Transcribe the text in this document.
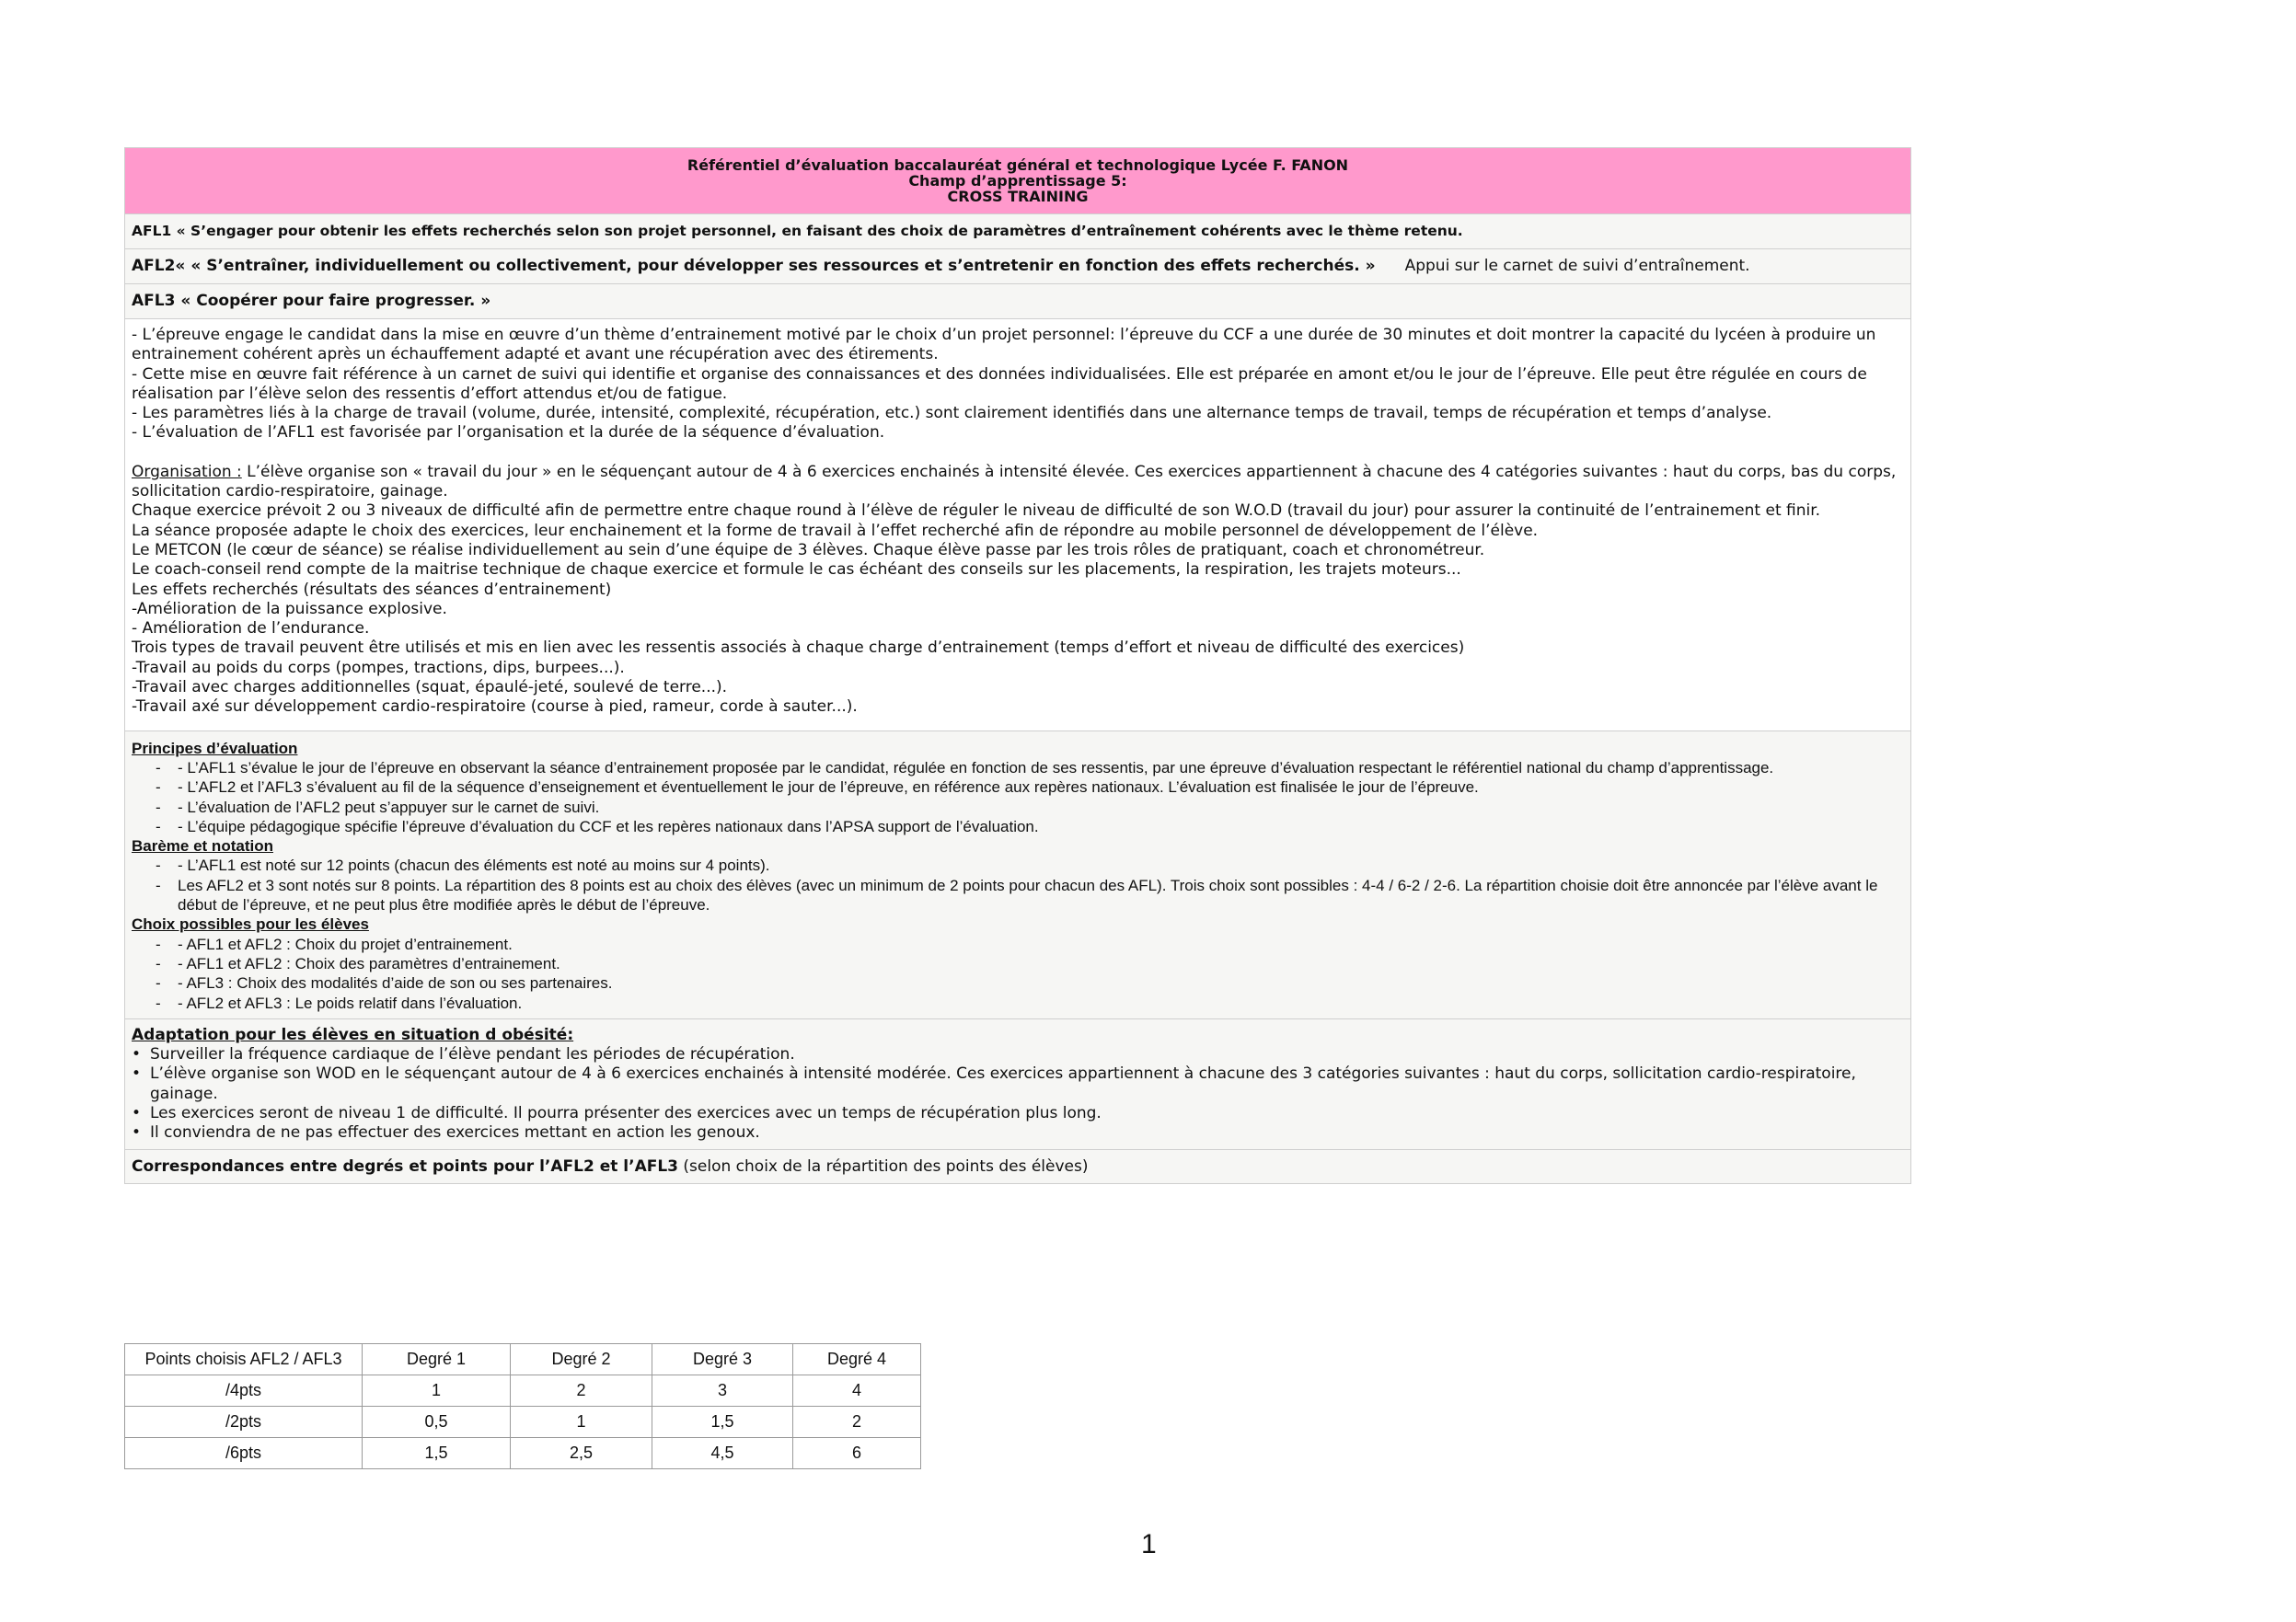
Référentiel d’évaluation baccalauréat général et technologique Lycée F. FANON
Champ d’apprentissage 5:
CROSS TRAINING

AFL1 « S’engager pour obtenir les effets recherchés selon son projet personnel, en faisant des choix de paramètres d’entraînement cohérents avec le thème retenu.
AFL2« « S’entraîner, individuellement ou collectivement, pour développer ses ressources et s’entretenir en fonction des effets recherchés. » Appui sur le carnet de suivi d’entraînement.
AFL3 « Coopérer pour faire progresser. »

- L’épreuve engage le candidat dans la mise en œuvre d’un thème d’entrainement motivé par le choix d’un projet personnel: l’épreuve du CCF a une durée de 30 minutes et doit montrer la capacité du lycéen à produire un entrainement cohérent après un échauffement adapté et avant une récupération avec des étirements.

- Cette mise en œuvre fait référence à un carnet de suivi qui identifie et organise des connaissances et des données individualisées. Elle est préparée en amont et/ou le jour de l’épreuve. Elle peut être régulée en cours de réalisation par l’élève selon des ressentis d’effort attendus et/ou de fatigue.

- Les paramètres liés à la charge de travail (volume, durée, intensité, complexité, récupération, etc.) sont clairement identifiés dans une alternance temps de travail, temps de récupération et temps d’analyse.

- L’évaluation de l’AFL1 est favorisée par l’organisation et la durée de la séquence d’évaluation.

Organisation : L’élève organise son « travail du jour » en le séquençant autour de 4 à 6 exercices enchainés à intensité élevée. Ces exercices appartiennent à chacune des 4 catégories suivantes : haut du corps, bas du corps, sollicitation cardio-respiratoire, gainage.

Chaque exercice prévoit 2 ou 3 niveaux de difficulté afin de permettre entre chaque round à l’élève de réguler le niveau de difficulté de son W.O.D (travail du jour) pour assurer la continuité de l’entrainement et finir.

La séance proposée adapte le choix des exercices, leur enchainement et la forme de travail à l’effet recherché afin de répondre au mobile personnel de développement de l’élève.

Le METCON (le cœur de séance) se réalise individuellement au sein d’une équipe de 3 élèves. Chaque élève passe par les trois rôles de pratiquant, coach et chronométreur.

Le coach-conseil rend compte de la maitrise technique de chaque exercice et formule le cas échéant des conseils sur les placements, la respiration, les trajets moteurs...

Les effets recherchés (résultats des séances d’entrainement)

-Amélioration de la puissance explosive.

- Amélioration de l’endurance.

Trois types de travail peuvent être utilisés et mis en lien avec les ressentis associés à chaque charge d’entrainement (temps d’effort et niveau de difficulté des exercices)

-Travail au poids du corps (pompes, tractions, dips, burpees...).

-Travail avec charges additionnelles (squat, épaulé-jeté, soulevé de terre...).

-Travail axé sur développement cardio-respiratoire (course à pied, rameur, corde à sauter...).

Principes d’évaluation
- - L’AFL1 s’évalue le jour de l’épreuve en observant la séance d’entrainement proposée par le candidat, régulée en fonction de ses ressentis, par une épreuve d’évaluation respectant le référentiel national du champ d’apprentissage.
- - L’AFL2 et l’AFL3 s’évaluent au fil de la séquence d’enseignement et éventuellement le jour de l’épreuve, en référence aux repères nationaux. L’évaluation est finalisée le jour de l’épreuve.
- - L’évaluation de l’AFL2 peut s’appuyer sur le carnet de suivi.
- - L’équipe pédagogique spécifie l’épreuve d’évaluation du CCF et les repères nationaux dans l’APSA support de l’évaluation.
Barème et notation
- - L’AFL1 est noté sur 12 points (chacun des éléments est noté au moins sur 4 points).
- Les AFL2 et 3 sont notés sur 8 points. La répartition des 8 points est au choix des élèves (avec un minimum de 2 points pour chacun des AFL). Trois choix sont possibles : 4-4 / 6-2 / 2-6. La répartition choisie doit être annoncée par l’élève avant le début de l’épreuve, et ne peut plus être modifiée après le début de l’épreuve.
Choix possibles pour les élèves
- - AFL1 et AFL2 : Choix du projet d’entrainement.
- - AFL1 et AFL2 : Choix des paramètres d’entrainement.
- - AFL3 : Choix des modalités d’aide de son ou ses partenaires.
- - AFL2 et AFL3 : Le poids relatif dans l’évaluation.

Adaptation pour les élèves en situation d obésité:
• Surveiller la fréquence cardiaque de l’élève pendant les périodes de récupération.
• L’élève organise son WOD en le séquençant autour de 4 à 6 exercices enchainés à intensité modérée. Ces exercices appartiennent à chacune des 3 catégories suivantes : haut du corps, sollicitation cardio-respiratoire, gainage.
• Les exercices seront de niveau 1 de difficulté. Il pourra présenter des exercices avec un temps de récupération plus long.
• Il conviendra de ne pas effectuer des exercices mettant en action les genoux.

Correspondances entre degrés et points pour l’AFL2 et l’AFL3 (selon choix de la répartition des points des élèves)
Points choisis AFL2 / AFL3	Degré 1	Degré 2	Degré 3	Degré 4
/4pts	1	2	3	4
/2pts	0,5	1	1,5	2
/6pts	1,5	2,5	4,5	6
1
